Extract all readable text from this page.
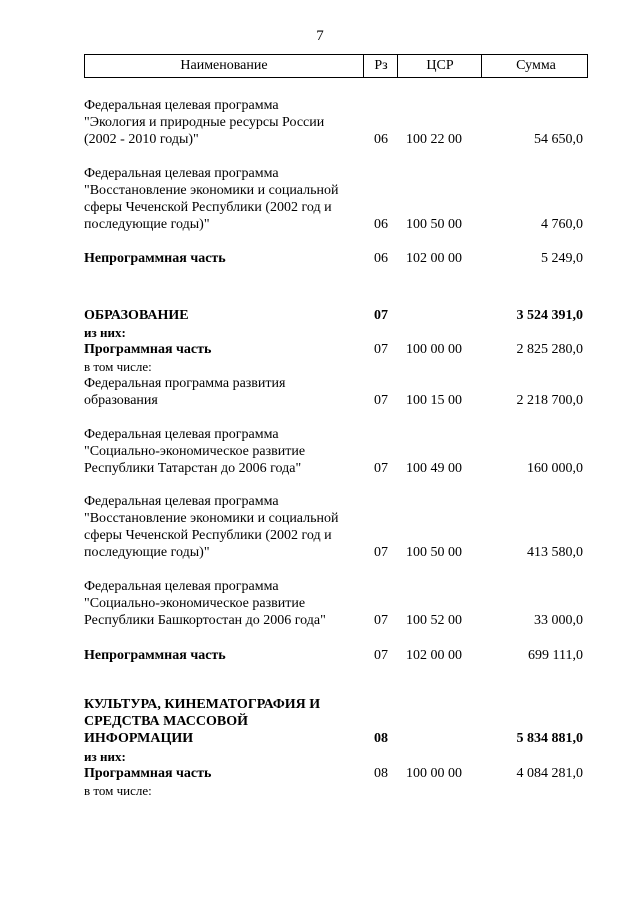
7
Наименование	Рз	ЦСР	Сумма
Федеральная целевая программа
"Экология и природные ресурсы России
(2002 - 2010 годы)"	06 100 22 00	54 650,0
Федеральная целевая программа
"Восстановление экономики и социальной
сферы Чеченской Республики (2002 год и
последующие годы)"	06 100 50 00	4 760,0
Непрограммная часть	06 102 00 00	5 249,0
ОБРАЗОВАНИЕ	07	3 524 391,0
из них:
Программная часть	07 100 00 00	2 825 280,0
в том числе:
Федеральная программа развития
образования	07 100 15 00	2 218 700,0
Федеральная целевая программа
"Социально-экономическое развитие
Республики Татарстан до 2006 года"	07 100 49 00	160 000,0
Федеральная целевая программа
"Восстановление экономики и социальной
сферы Чеченской Республики (2002 год и
последующие годы)"	07 100 50 00	413 580,0
Федеральная целевая программа
"Социально-экономическое развитие
Республики Башкортостан до 2006 года"	07 100 52 00	33 000,0
Непрограммная часть	07 102 00 00	699 111,0
КУЛЬТУРА, КИНЕМАТОГРАФИЯ И
СРЕДСТВА МАССОВОЙ
ИНФОРМАЦИИ	08	5 834 881,0
из них:
Программная часть	08 100 00 00	4 084 281,0
в том числе:
